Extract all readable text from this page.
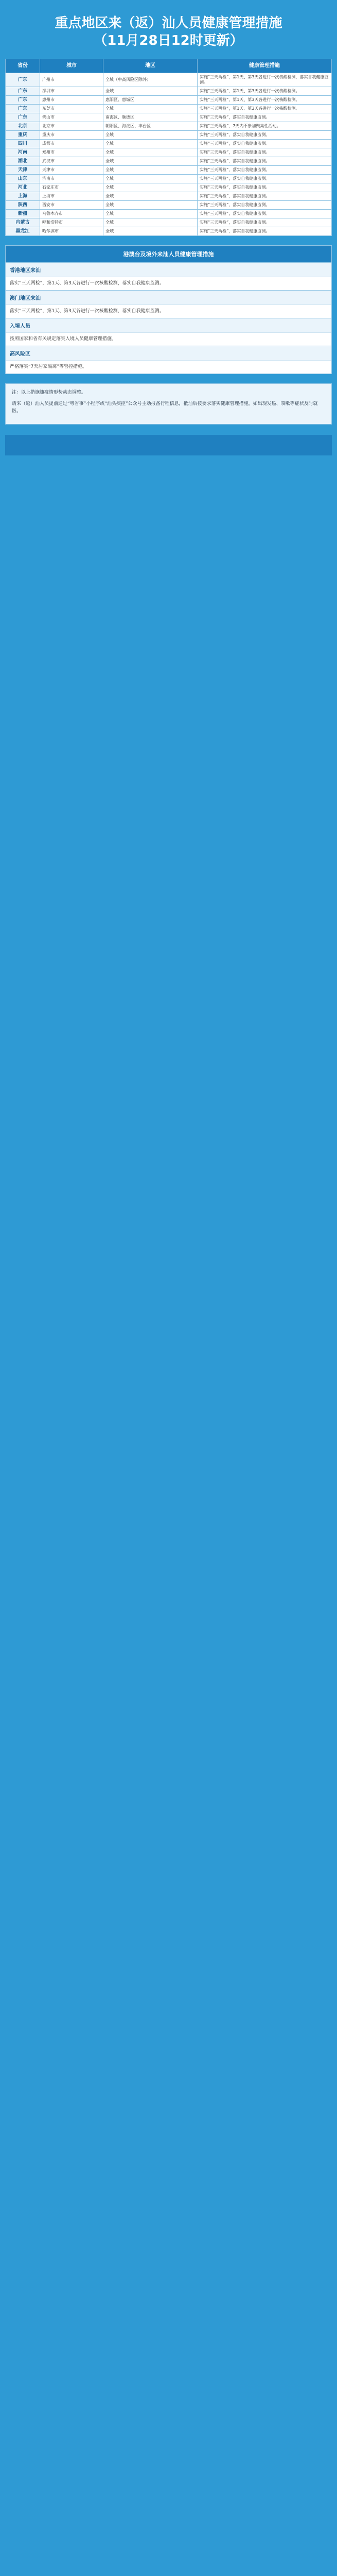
重点地区来（返）汕人员健康管理措施
（11月28日12时更新）
省份	城市	地区	健康管理措施
广东	广州市	全域（中高风险区除外）	实施“三天两检”，第1天、第3天各进行一次核酸检测，落实自我健康监测。
广东	深圳市	全域	实施“三天两检”，第1天、第3天各进行一次核酸检测。
广东	惠州市	惠阳区、惠城区	实施“三天两检”，第1天、第3天各进行一次核酸检测。
广东	东莞市	全域	实施“三天两检”，第1天、第3天各进行一次核酸检测。
广东	佛山市	南海区、顺德区	实施“三天两检”，落实自我健康监测。
北京	北京市	朝阳区、海淀区、丰台区	实施“三天两检”，7天内不参加聚集性活动。
重庆	重庆市	全域	实施“三天两检”，落实自我健康监测。
四川	成都市	全域	实施“三天两检”，落实自我健康监测。
河南	郑州市	全域	实施“三天两检”，落实自我健康监测。
湖北	武汉市	全域	实施“三天两检”，落实自我健康监测。
天津	天津市	全域	实施“三天两检”，落实自我健康监测。
山东	济南市	全域	实施“三天两检”，落实自我健康监测。
河北	石家庄市	全域	实施“三天两检”，落实自我健康监测。
上海	上海市	全域	实施“三天两检”，落实自我健康监测。
陕西	西安市	全域	实施“三天两检”，落实自我健康监测。
新疆	乌鲁木齐市	全域	实施“三天两检”，落实自我健康监测。
内蒙古	呼和浩特市	全域	实施“三天两检”，落实自我健康监测。
黑龙江	哈尔滨市	全域	实施“三天两检”，落实自我健康监测。
港澳台及境外来汕人员健康管理措施
香港地区来汕
落实“三天两检”，第1天、第3天各进行一次核酸检测，落实自我健康监测。
澳门地区来汕
落实“三天两检”，第1天、第3天各进行一次核酸检测，落实自我健康监测。
入境人员
按照国家和省有关规定落实入境人员健康管理措施。
高风险区
严格落实“7天居家隔离”等管控措施。

注：以上措施随疫情形势动态调整。

请来（返）汕人员提前通过“粤省事”小程序或“汕头疾控”公众号主动报备行程信息，抵汕后按要求落实健康管理措施，如出现发热、咳嗽等症状及时就医。
